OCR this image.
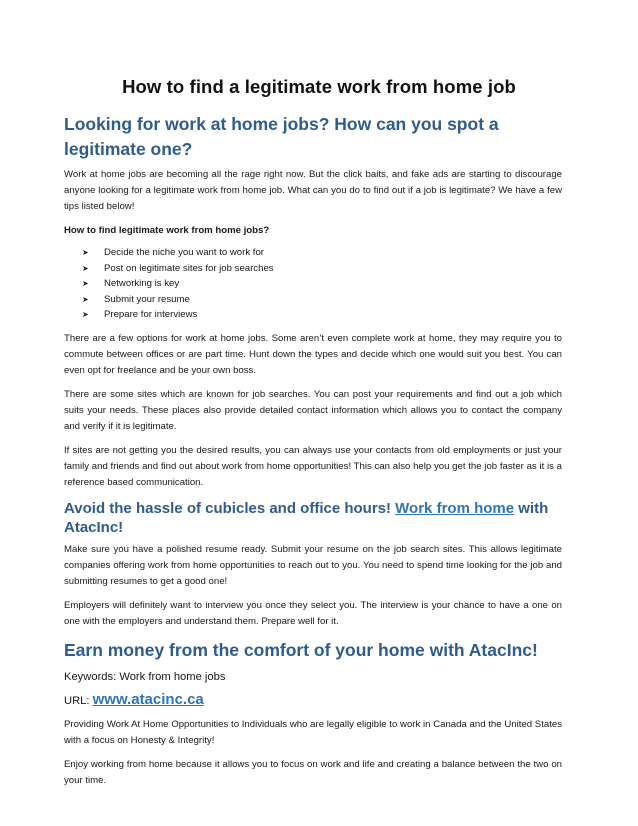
How to find a legitimate work from home job
Looking for work at home jobs? How can you spot a legitimate one?

Work at home jobs are becoming all the rage right now. But the click baits, and fake ads are starting to discourage anyone looking for a legitimate work from home job. What can you do to find out if a job is legitimate? We have a few tips listed below!

How to find legitimate work from home jobs?

➤	Decide the niche you want to work for
➤	Post on legitimate sites for job searches
➤	Networking is key
➤	Submit your resume
➤	Prepare for interviews

There are a few options for work at home jobs. Some aren’t even complete work at home, they may require you to commute between offices or are part time. Hunt down the types and decide which one would suit you best. You can even opt for freelance and be your own boss.

There are some sites which are known for job searches. You can post your requirements and find out a job which suits your needs. These places also provide detailed contact information which allows you to contact the company and verify if it is legitimate.

If sites are not getting you the desired results, you can always use your contacts from old employments or just your family and friends and find out about work from home opportunities! This can also help you get the job faster as it is a reference based communication.

Avoid the hassle of cubicles and office hours! Work from home with AtacInc!

Make sure you have a polished resume ready. Submit your resume on the job search sites. This allows legitimate companies offering work from home opportunities to reach out to you. You need to spend time looking for the job and submitting resumes to get a good one!

Employers will definitely want to interview you once they select you. The interview is your chance to have a one on one with the employers and understand them. Prepare well for it.

Earn money from the comfort of your home with AtacInc!

Keywords: Work from home jobs

URL: www.atacinc.ca

Providing Work At Home Opportunities to Individuals who are legally eligible to work in Canada and the United States with a focus on Honesty & Integrity!

Enjoy working from home because it allows you to focus on work and life and creating a balance between the two on your time.
